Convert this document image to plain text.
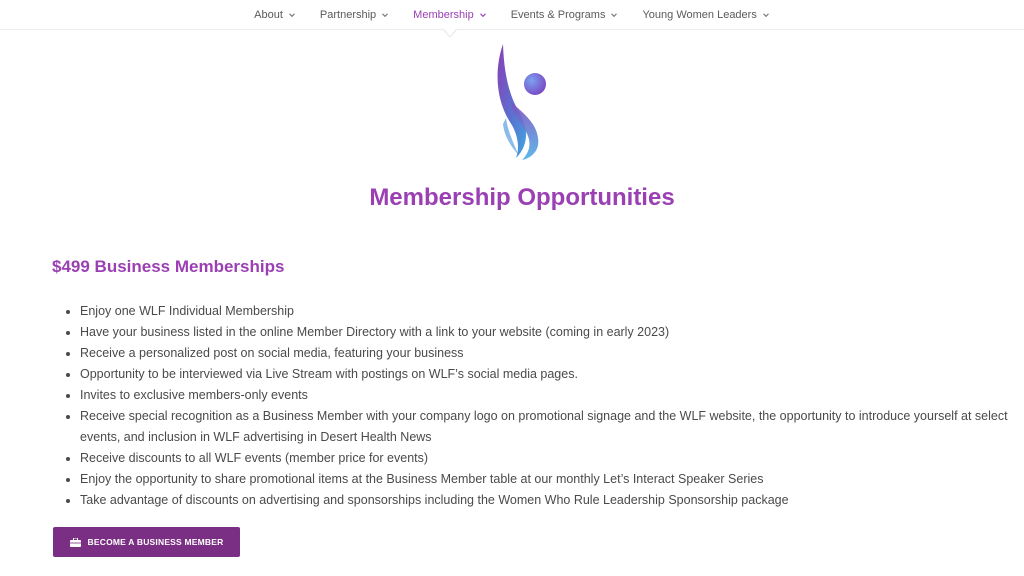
About	Partnership	Membership	Events & Programs	Young Women Leaders
Membership Opportunities
$499 Business Memberships
• Enjoy one WLF Individual Membership
• Have your business listed in the online Member Directory with a link to your website (coming in early 2023)
• Receive a personalized post on social media, featuring your business
• Opportunity to be interviewed via Live Stream with postings on WLF’s social media pages.
• Invites to exclusive members-only events
• Receive special recognition as a Business Member with your company logo on promotional signage and the WLF website, the opportunity to introduce yourself at select events, and inclusion in WLF advertising in Desert Health News
• Receive discounts to all WLF events (member price for events)
• Enjoy the opportunity to share promotional items at the Business Member table at our monthly Let’s Interact Speaker Series
• Take advantage of discounts on advertising and sponsorships including the Women Who Rule Leadership Sponsorship package
BECOME A BUSINESS MEMBER
